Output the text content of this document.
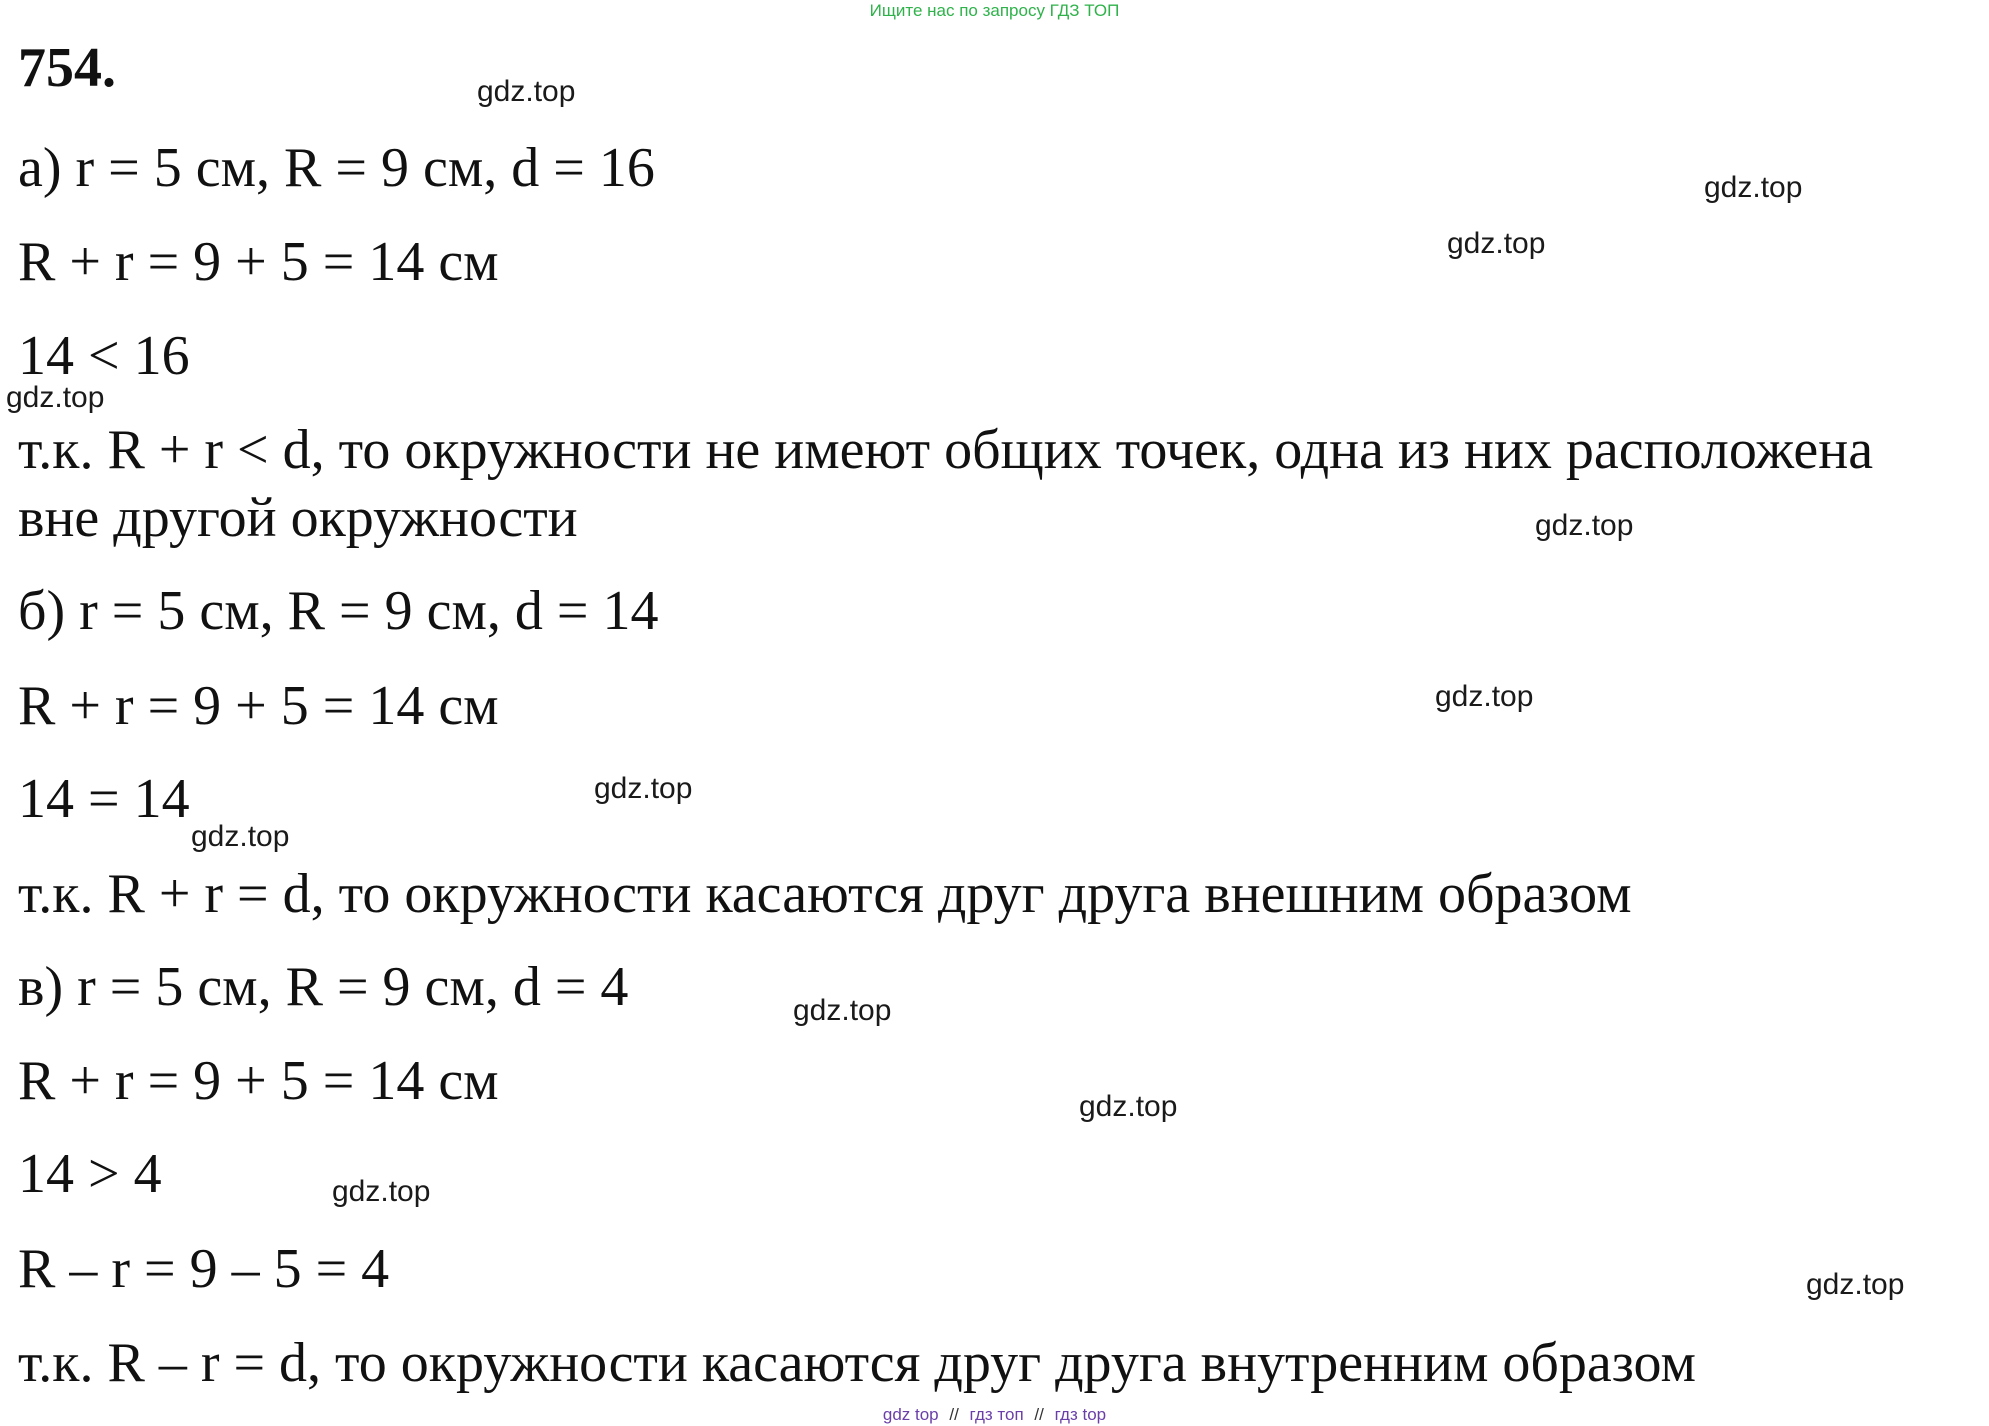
Ищите нас по запросу ГДЗ ТОП
754.
а) r = 5 см, R = 9 см, d = 16
R + r = 9 + 5 = 14 см
14 < 16
т.к. R + r < d, то окружности не имеют общих точек, одна из них расположена
вне другой окружности
б) r = 5 см, R = 9 см, d = 14
R + r = 9 + 5 = 14 см
14 = 14
т.к. R + r = d, то окружности касаются друг друга внешним образом
в) r = 5 см, R = 9 см, d = 4
R + r = 9 + 5 = 14 см
14 > 4
R – r = 9 – 5 = 4
т.к. R – r = d, то окружности касаются друг друга внутренним образом
gdz.top
gdz.top
gdz.top
gdz.top
gdz.top
gdz.top
gdz.top
gdz.top
gdz.top
gdz.top
gdz.top
gdz.top
gdz top // гдз топ // гдз top
